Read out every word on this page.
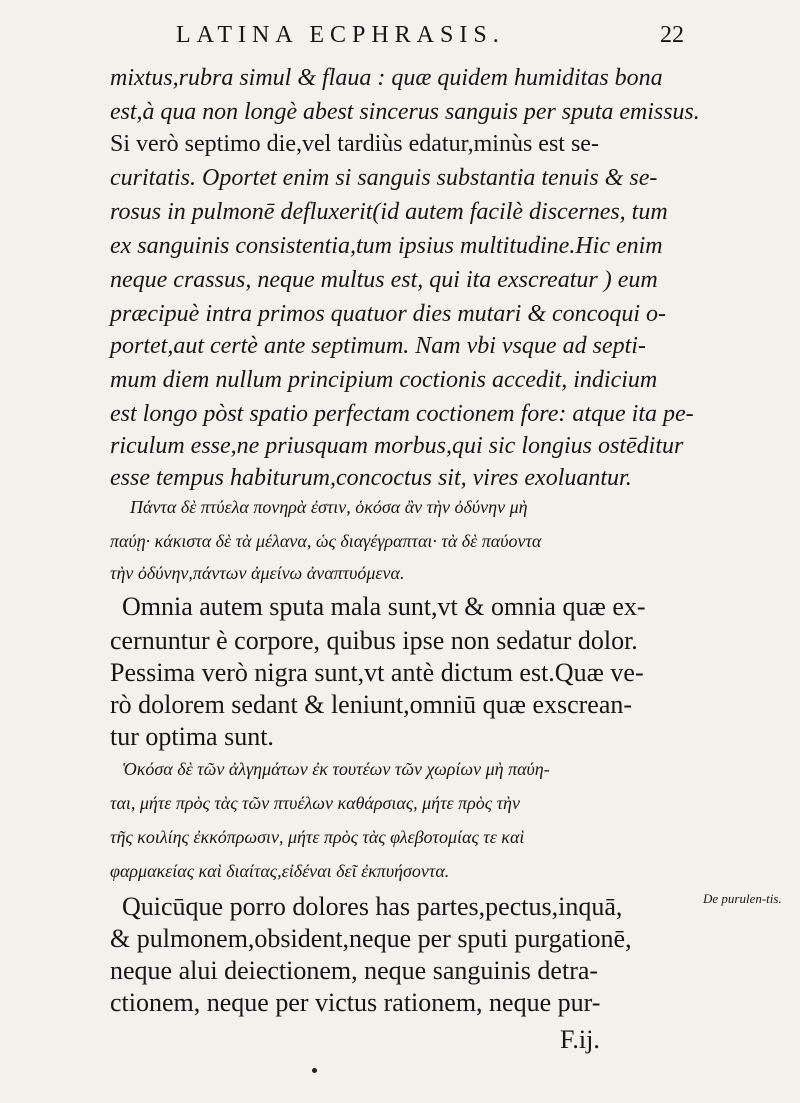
LATINA ECPHRASIS.	22
mixtus,rubra simul & flaua : quæ quidem humiditas bona
est,à qua non longè abest sincerus sanguis per sputa emissus.
Si verò septimo die,vel tardiùs edatur,minùs est se-
curitatis. Oportet enim si sanguis substantia tenuis & se-
rosus in pulmonē defluxerit(id autem facilè discernes, tum
ex sanguinis consistentia,tum ipsius multitudine.Hic enim
neque crassus, neque multus est, qui ita exscreatur ) eum
præcipuè intra primos quatuor dies mutari & concoqui o-
portet,aut certè ante septimum. Nam vbi vsque ad septi-
mum diem nullum principium coctionis accedit, indicium
est longo pòst spatio perfectam coctionem fore: atque ita pe-
riculum esse,ne priusquam morbus,qui sic longius ostēditur
esse tempus habiturum,concoctus sit, vires exoluantur.
Πάντα δὲ πτύελα πονηρὰ ἐστιν, ὁκόσα ἂν τὴν ὀδύνην μὴ
παύῃ· κάκιστα δὲ τὰ μέλανα, ὡς διαγέγραπται· τὰ δὲ παύοντα
τὴν ὀδύνην,πάντων ἀμείνω ἀναπτυόμενα.
Omnia autem sputa mala sunt,vt & omnia quæ ex-
cernuntur è corpore, quibus ipse non sedatur dolor.
Pessima verò nigra sunt,vt antè dictum est.Quæ ve-
rò dolorem sedant & leniunt,omniū quæ exscrean-
tur optima sunt.
Ὁκόσα δὲ τῶν ἀλγημάτων ἐκ τουτέων τῶν χωρίων μὴ παύη-
ται, μήτε πρὸς τὰς τῶν πτυέλων καθάρσιας, μήτε πρὸς τὴν
τῆς κοιλίης ἐκκόπρωσιν, μήτε πρὸς τὰς φλεβοτομίας τε καὶ
φαρμακείας καὶ διαίτας,εἰδέναι δεῖ ἐκπυήσοντα.
Quicūque porro dolores has partes,pectus,inquā,
& pulmonem,obsident,neque per sputi purgationē,
neque alui deiectionem, neque sanguinis detra-
ctionem, neque per victus rationem, neque pur-
De purulen-tis.
F.ij.
